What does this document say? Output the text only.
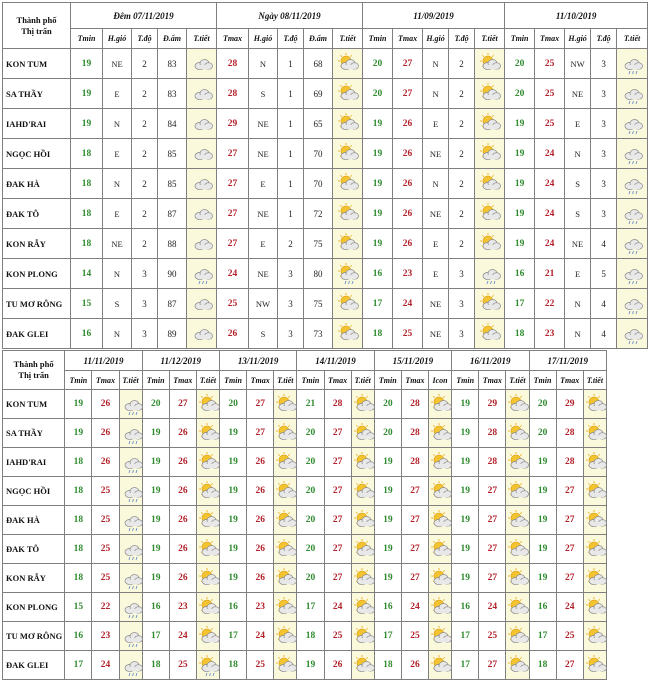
Thành phố
Thị trấn	Đêm 07/11/2019					Ngày 08/11/2019					11/09/2019					11/10/2019				
	Tmin	H.gió	T.độ	Đ.ẩm	T.tiết	Tmax	H.gió	T.độ	Đ.ẩm	T.tiết	Tmin	Tmax	H.gió	T.độ	T.tiết	Tmin	Tmax	H.gió	T.độ	T.tiết
KON TUM	19	NE	2	83		28	N	1	68		20	27	N	2		20	25	NW	3	

SA THẦY	19	E	2	83		28	S	1	69		20	27	N	2		20	25	NE	3	

IAHD'RAI	19	N	2	84		29	NE	1	65		19	26	E	2		19	25	E	3	

NGỌC HỒI	18	E	2	85		27	NE	1	70		19	26	NE	2		19	24	N	3	

ĐAK HÀ	18	N	2	85		27	E	1	70		19	26	N	2		19	24	S	3	

ĐAK TÔ	18	E	2	87		27	NE	1	72		19	26	NE	2		19	24	S	3	

KON RẪY	18	NE	2	88		27	E	2	75		19	26	E	2		19	24	NE	4	

KON PLONG	14	N	3	90		24	NE	3	80		16	23	E	3		16	21	E	5	

TU MƠ RÔNG	15	S	3	87		25	NW	3	75		17	24	NE	3		17	22	N	4	

ĐAK GLEI	16	N	3	89		26	S	3	73		18	25	NE	3		18	23	N	4	
Thành phố
Thị trấn	11/11/2019			11/12/2019			13/11/2019			14/11/2019			15/11/2019			16/11/2019			17/11/2019		
	Tmin	Tmax	T.tiết	Tmin	Tmax	T.tiết	Tmin	Tmax	T.tiết	Tmin	Tmax	T.tiết	Tmin	Tmax	Icon	Tmin	Tmax	T.tiết	Tmin	Tmax	T.tiết
KON TUM	19	26		20	27		20	27		21	28		20	28		19	29		20	29	

SA THẦY	19	26		19	26		19	27		20	27		20	28		19	28		20	28	

IAHD'RAI	18	26		19	26		19	26		20	27		19	28		19	28		19	28	

NGỌC HỒI	18	25		19	26		19	26		20	27		19	27		19	27		19	27	

ĐAK HÀ	18	25		19	26		19	26		20	27		19	27		19	27		19	27	

ĐAK TÔ	18	25		19	26		19	26		20	27		19	27		19	27		19	27	

KON RẪY	18	25		19	26		19	26		20	27		19	27		19	27		19	27	

KON PLONG	15	22		16	23		16	23		17	24		16	24		16	24		16	24	

TU MƠ RÔNG	16	23		17	24		17	24		18	25		17	25		17	25		17	25	

ĐAK GLEI	17	24		18	25		18	25		19	26		18	26		17	27		18	27	
